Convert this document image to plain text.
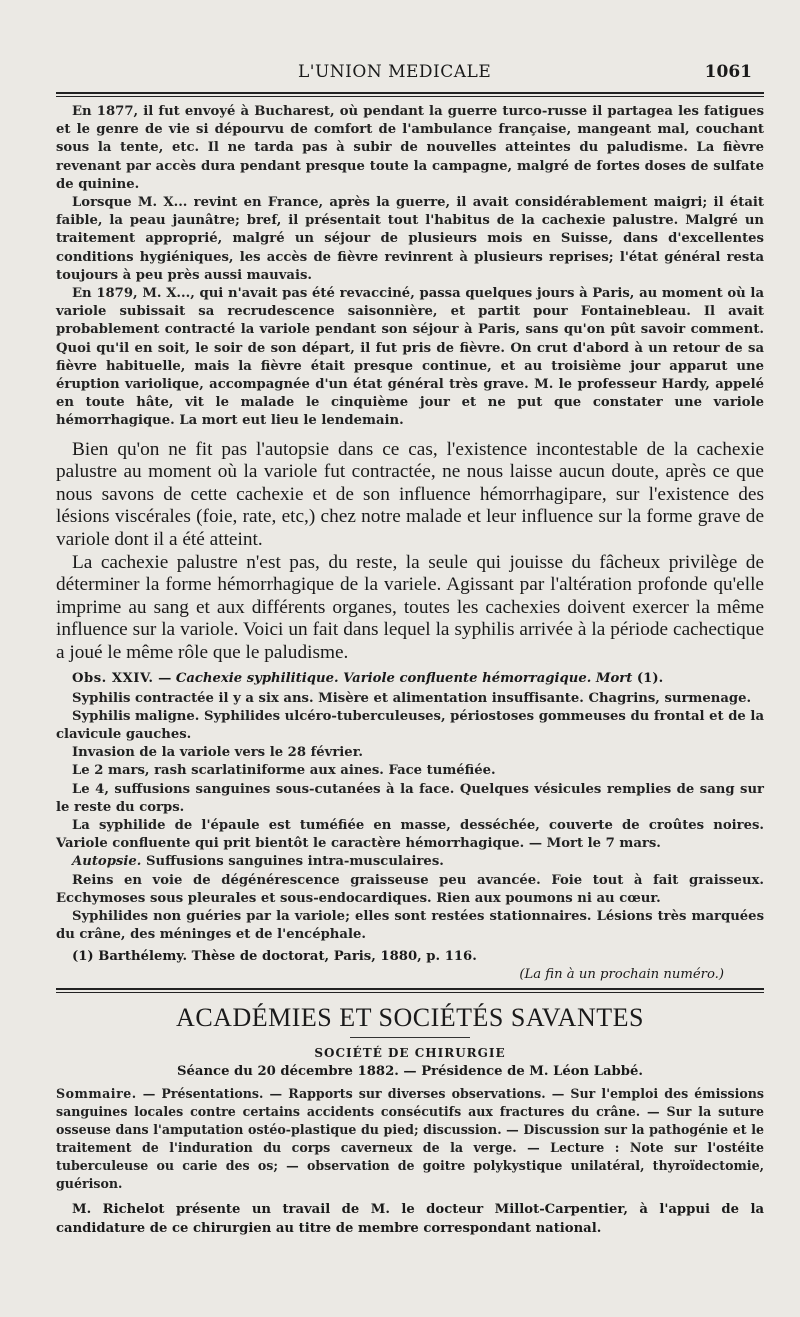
L'UNION MEDICALE	1061

En 1877, il fut envoyé à Bucharest, où pendant la guerre turco-russe il partagea les fatigues et le genre de vie si dépourvu de comfort de l'ambulance française, mangeant mal, couchant sous la tente, etc. Il ne tarda pas à subir de nouvelles atteintes du paludisme. La fièvre revenant par accès dura pendant presque toute la campagne, malgré de fortes doses de sulfate de quinine.

Lorsque M. X... revint en France, après la guerre, il avait considérablement maigri; il était faible, la peau jaunâtre; bref, il présentait tout l'habitus de la cachexie palustre. Malgré un traitement approprié, malgré un séjour de plusieurs mois en Suisse, dans d'excellentes conditions hygiéniques, les accès de fièvre revinrent à plusieurs reprises; l'état général resta toujours à peu près aussi mauvais.

En 1879, M. X..., qui n'avait pas été revacciné, passa quelques jours à Paris, au moment où la variole subissait sa recrudescence saisonnière, et partit pour Fontainebleau. Il avait probablement contracté la variole pendant son séjour à Paris, sans qu'on pût savoir comment. Quoi qu'il en soit, le soir de son départ, il fut pris de fièvre. On crut d'abord à un retour de sa fièvre habituelle, mais la fièvre était presque continue, et au troisième jour apparut une éruption variolique, accompagnée d'un état général très grave. M. le professeur Hardy, appelé en toute hâte, vit le malade le cinquième jour et ne put que constater une variole hémorrhagique. La mort eut lieu le lendemain.

Bien qu'on ne fit pas l'autopsie dans ce cas, l'existence incontestable de la cachexie palustre au moment où la variole fut contractée, ne nous laisse aucun doute, après ce que nous savons de cette cachexie et de son influence hémorrhagipare, sur l'existence des lésions viscérales (foie, rate, etc,) chez notre malade et leur influence sur la forme grave de variole dont il a été atteint.

La cachexie palustre n'est pas, du reste, la seule qui jouisse du fâcheux privilège de déterminer la forme hémorrhagique de la variele. Agissant par l'altération profonde qu'elle imprime au sang et aux différents organes, toutes les cachexies doivent exercer la même influence sur la variole. Voici un fait dans lequel la syphilis arrivée à la période cachectique a joué le même rôle que le paludisme.

Obs. XXIV. — Cachexie syphilitique. Variole confluente hémorragique. Mort (1).

Syphilis contractée il y a six ans. Misère et alimentation insuffisante. Chagrins, surmenage.

Syphilis maligne. Syphilides ulcéro-tuberculeuses, périostoses gommeuses du frontal et de la clavicule gauches.

Invasion de la variole vers le 28 février.

Le 2 mars, rash scarlatiniforme aux aines. Face tuméfiée.

Le 4, suffusions sanguines sous-cutanées à la face. Quelques vésicules remplies de sang sur le reste du corps.

La syphilide de l'épaule est tuméfiée en masse, desséchée, couverte de croûtes noires. Variole confluente qui prit bientôt le caractère hémorrhagique. — Mort le 7 mars.

Autopsie. Suffusions sanguines intra-musculaires.

Reins en voie de dégénérescence graisseuse peu avancée. Foie tout à fait graisseux. Ecchymoses sous pleurales et sous-endocardiques. Rien aux poumons ni au cœur.

Syphilides non guéries par la variole; elles sont restées stationnaires. Lésions très marquées du crâne, des méninges et de l'encéphale.

(1) Barthélemy. Thèse de doctorat, Paris, 1880, p. 116.

(La fin à un prochain numéro.)

ACADÉMIES ET SOCIÉTÉS SAVANTES
SOCIÉTÉ DE CHIRURGIE
Séance du 20 décembre 1882. — Présidence de M. Léon Labbé.

Sommaire. — Présentations. — Rapports sur diverses observations. — Sur l'emploi des émissions sanguines locales contre certains accidents consécutifs aux fractures du crâne. — Sur la suture osseuse dans l'amputation ostéo-plastique du pied; discussion. — Discussion sur la pathogénie et le traitement de l'induration du corps caverneux de la verge. — Lecture : Note sur l'ostéite tuberculeuse ou carie des os; — observation de goitre polykystique unilatéral, thyroïdectomie, guérison.

M. Richelot présente un travail de M. le docteur Millot-Carpentier, à l'appui de la candidature de ce chirurgien au titre de membre correspondant national.
